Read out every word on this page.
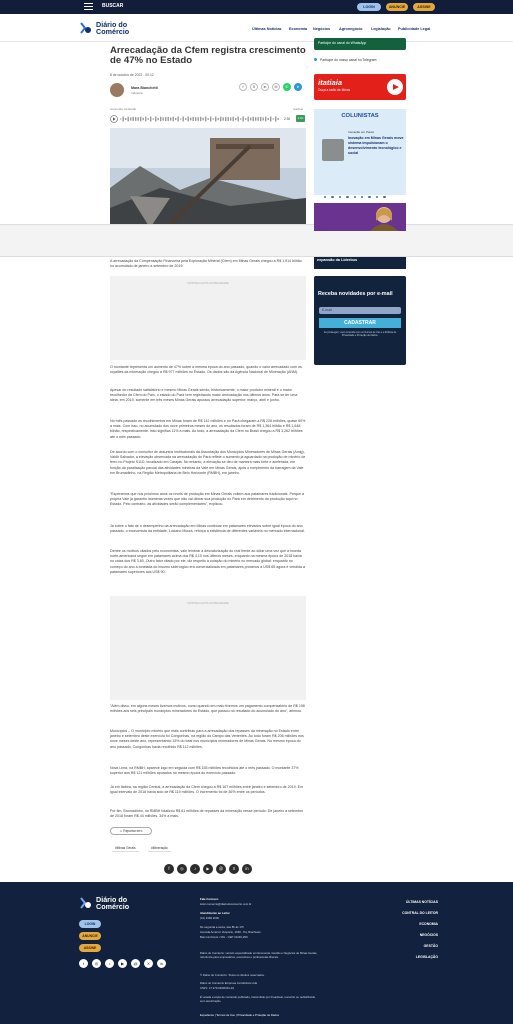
BUSCAR	LOGIN	ANUNCIE	ASSINE
Diário do
Comércio	Últimas Notícias Economia Negócios Agronegócio Legislação Publicidade Legal
Arrecadação da Cfem registra crescimento de 47% no Estado
8 de outubro de 2022 - 00:12
Mara Bianchetti
Indústria
f	X	in	✉	✆	➤
ouça este conteúdo	readme
2:30	1.0x

A arrecadação da Compensação Financeira pela Exploração Mineral (Cfem) em Minas Gerais chegou a R$ 1,914 bilhão no acumulado de janeiro a setembro de 2019.

CONTINUA APÓS A PUBLICIDADE

O montante representa um aumento de 47% sobre a mesma época do ano passado, quando o valor arrecadado com os royalties da mineração chegou a R$ 977 milhões no Estado. Os dados são da Agência Nacional de Mineração (ANM).

Apesar do resultado satisfatório e mesmo Minas Gerais sendo, historicamente, o maior produtor mineral e o maior recolhedor da Cfem do País, o estado do Pará vem registrando maior arrecadação nos últimos anos. Para se ter uma ideia, em 2019, somente em três meses Minas Gerais apuraou arrecadação superior: março, abril e junho.

No mês passado os recolhimentos em Minas foram de R$ 142 milhões e no Pará chegaram a R$ 226 milhões, quase 60% a mais. Com isso, no acumulado dos nove primeiros meses do ano, os resultados foram de R$ 1,364 bilhão e R$ 1,648 bilhão, respectivamente. Isso significa 11% a mais. Ao todo, a arrecadação da Cfem no Brasil chegou a R$ 3,262 bilhões até o mês passado.

De acordo com o consultor de assuntos institucionais da Associação dos Municípios Mineradores de Minas Gerais (Amig), Valdir Salvador, a elevação observada na arrecadação do Pará reflete o aumento já aguardado na produção de minério de ferro no Projeto S11D, localizado em Carajás. No entanto, a elevação se deu de maneira mais forte e acelerada, em função da paralisação parcial das atividades mineiras da Vale em Minas Gerais, após o rompimento da barragem da Vale em Brumadinho, na Região Metropolitana de Belo Horizonte (RMBH), em janeiro.

"Esperamos que nos próximos anos os níveis de produção em Minas Gerais voltem aos patamares tradicionais. Porque a própria Vale já garantiu inúmeras vezes que não vai deixar sua produção no Pará em detrimento da produção aqui no Estado. Pelo contrário, as atividades serão complementares", explicou.

Já sobre o fato de o desempenho da arrecadação em Minas continuar em patamares elevados sobre igual época do ano passado, o economista da entidade, Luciano Moura, reforça a existência de diferentes variáveis no mercado internacional.

Dentre os motivos citados pelo economista, vale lembrar a desvalorização do real frente ao dólar uma vez que a moeda norte-americana segue em patamares acima dos R$ 4,10 nos últimos meses, enquanto na mesma época de 2018 havia no caixa dos R$ 3,80. Outro fator citado por ele, diz respeito a cotação do minério no mercado global: enquanto no começo do ano a tonelada do insumo siderúrgico era comercializada em patamares próximos a US$ 65 agora é vendida a patamares superiores aos US$ 90.

CONTINUA APÓS A PUBLICIDADE

"Além disso, em alguns meses tivemos motivos, como quando em maio tivemos um pagamento compensatório de R$ 156 milhões aos seis principais municípios mineradores do Estado, que passou no resultado do acumulado do ano", afirmou.

Municípios – O município minério que mais contribuiu para a arrecadação dos repasses da mineração no Estado entre janeiro e setembro deste exercício foi Congonhas, na região do Campo das Vertentes. Ao todo foram R$ 206 milhões nos nove meses deste ano, representando 15% do total nos municípios mineradores de Minas Gerais. No mesmo época do ano passado, Congonhas havia recolhido R$ 112 milhões.

Nova Lima, na RMBH, aparece logo em seguida com R$ 155 milhões recolhidos até o mês passado. O montante 37% superior aos R$ 121 milhões apurados no mesmo época do exercício passado.

Já em Itabira, na região Central, a arrecadação da Cfem chegou a R$ 167 milhões entre janeiro e setembro de 2019. Em igual intervalo de 2018 havia sido de R$ 119 milhões. O incremento foi de 36% entre os períodos.

Por fim, Brumadinho, na RMBH totalizou R$ 61 milhões de repasses da mineração nesse período. De janeiro a setembro de 2018 foram R$ 44 milhões. 34% a mais.

⚠ Reportar erro
#Minas Gerais	#Mineração
f	◎	♪	▶	@	X	in
Participe do canal do WhatsApp
Participe do nosso canal no Telegram
itatiaia
Ouça a rádio de Minas
COLUNISTAS
Inovação em Pauta
Inovação em Minas Gerais move sistema impulsionam o desenvolvimento tecnológico e social
expansão da Liderbus
Receba novidades por e-mail
E-mail
CADASTRAR
Ao prosseguir, você concorda com os Termos de Uso e a Política de Privacidade e Proteção de Dados.
Diário do
Comércio
LOGIN
ANUNCIE
ASSINE
f	◎	♪	▶	@	X	in
Fale Conosco
leitor.comercio@diariodocomercio.com.br
Atendimento ao Leitor
(31) 3469 2000
De segunda a sexta, das 8h às 17h
Avenida Américo Vespúcio, 1660 - Pq. Riachuelo
Belo Horizonte / MG - CEP 31230-250
Diário do Comércio: veículo especializado em Economia, Gestão e Negócios de Minas Gerais, referência para empresários, executivos e profissionais liberais.
© Diário do Comércio. Todos os direitos reservados.
Diário do Comércio Empresa Jornalística Ltda
CNPJ: 17.279.034/0001-04
É vetada a cópia de conteúdo publicado, transmitido por broadcast, reescrito ou redistribuído sem autorização.
Expediente | Termos de Uso | Privacidade e Proteção de Dados
ÚLTIMAS NOTÍCIAS
CONTRAL DO LEITOR
ECONOMIA
NEGÓCIOS
GESTÃO
LEGISLAÇÃO
